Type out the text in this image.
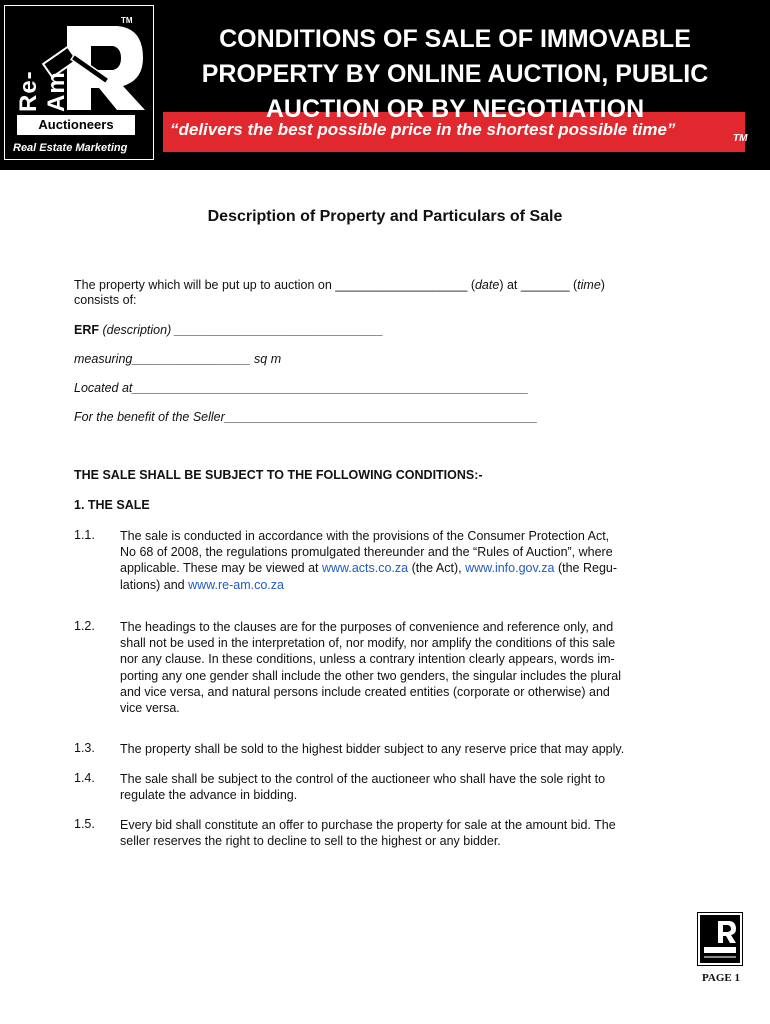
TM
Re-Am
Auctioneers
Real Estate Marketing
CONDITIONS OF SALE OF IMMOVABLE
PROPERTY BY ONLINE AUCTION, PUBLIC
AUCTION OR BY NEGOTIATION
“delivers the best possible price in the shortest possible time”	TM
Description of Property and Particulars of Sale
The property which will be put up to auction on ___________________ (date) at _______ (time)
consists of:
ERF (description) ______________________________
measuring_________________ sq m
Located at_________________________________________________________
For the benefit of the Seller_____________________________________________
THE SALE SHALL BE SUBJECT TO THE FOLLOWING CONDITIONS:-
1. THE SALE
1.1. The sale is conducted in accordance with the provisions of the Consumer Protection Act,
No 68 of 2008, the regulations promulgated thereunder and the “Rules of Auction”, where
applicable. These may be viewed at www.acts.co.za (the Act), www.info.gov.za (the Regu-
lations) and www.re-am.co.za
1.2. The headings to the clauses are for the purposes of convenience and reference only, and
shall not be used in the interpretation of, nor modify, nor amplify the conditions of this sale
nor any clause. In these conditions, unless a contrary intention clearly appears, words im-
porting any one gender shall include the other two genders, the singular includes the plural
and vice versa, and natural persons include created entities (corporate or otherwise) and
vice versa.
1.3. The property shall be sold to the highest bidder subject to any reserve price that may apply.
1.4. The sale shall be subject to the control of the auctioneer who shall have the sole right to
regulate the advance in bidding.
1.5. Every bid shall constitute an offer to purchase the property for sale at the amount bid. The
seller reserves the right to decline to sell to the highest or any bidder.
PAGE 1
